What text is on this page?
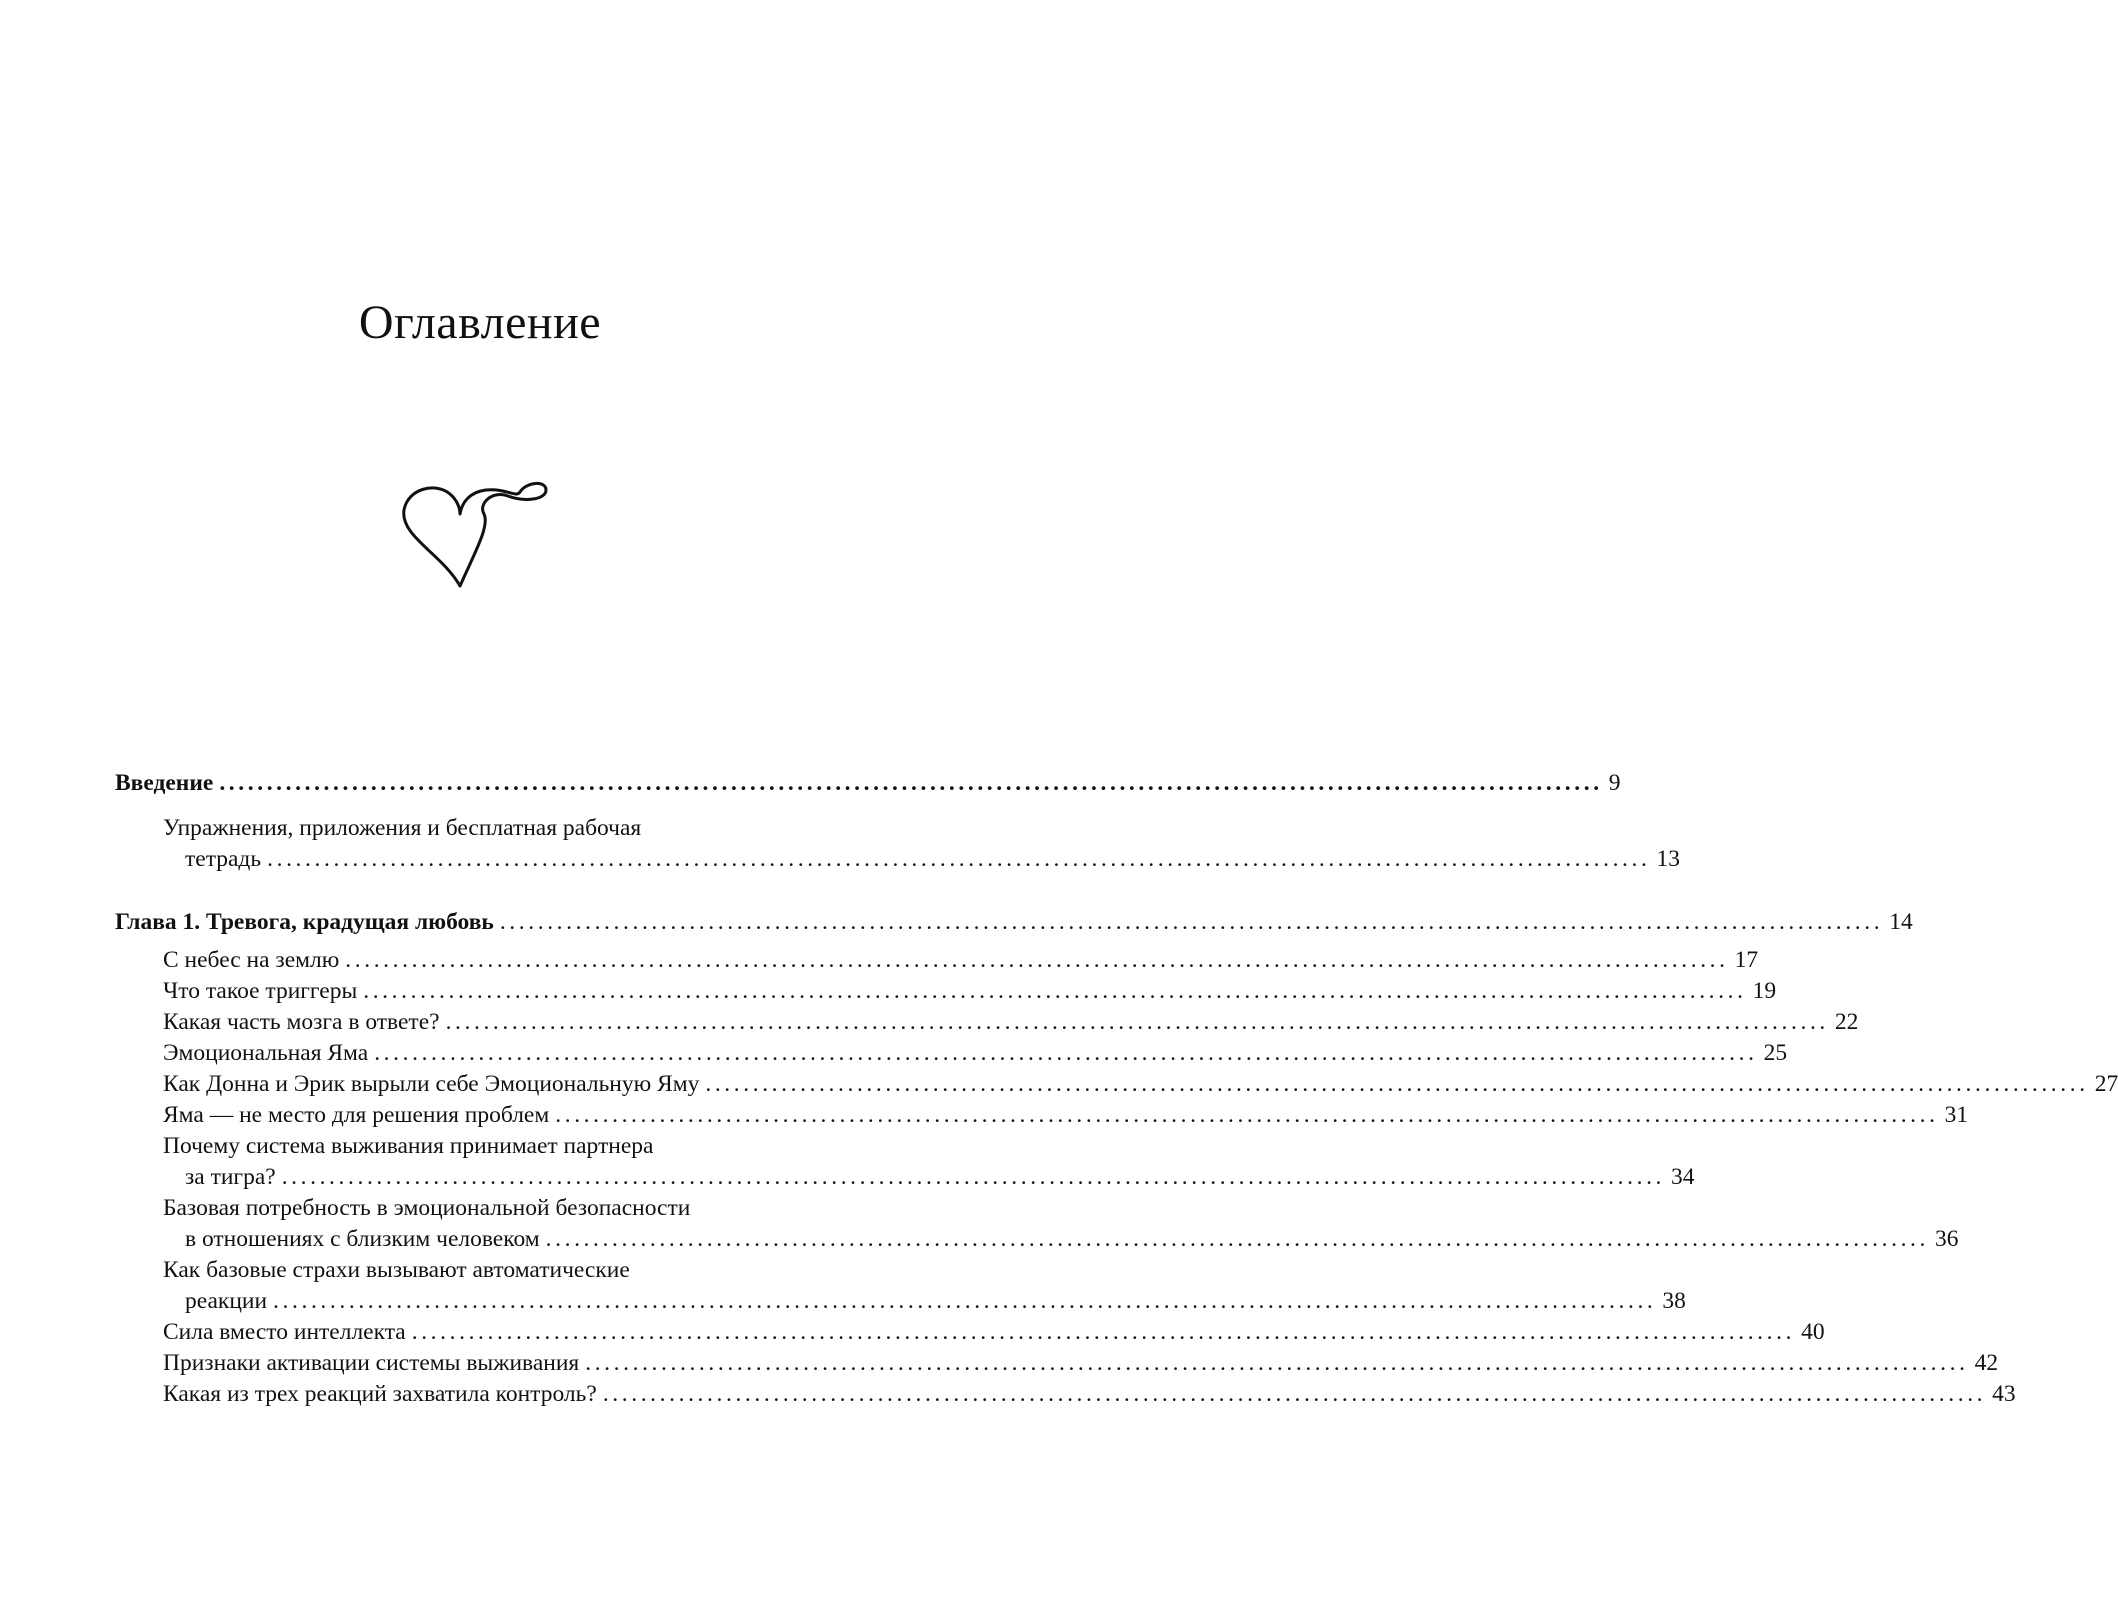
Оглавление
Введение .................................................................................................................................................. 9
Упражнения, приложения и бесплатная рабочая
тетрадь .................................................................................................................................................. 13
Глава 1. Тревога, крадущая любовь .................................................................................................................................................. 14
С небес на землю .................................................................................................................................................. 17
Что такое триггеры .................................................................................................................................................. 19
Какая часть мозга в ответе? .................................................................................................................................................. 22
Эмоциональная Яма .................................................................................................................................................. 25
Как Донна и Эрик вырыли себе Эмоциональную Яму .................................................................................................................................................. 27
Яма — не место для решения проблем .................................................................................................................................................. 31
Почему система выживания принимает партнера
за тигра? .................................................................................................................................................. 34
Базовая потребность в эмоциональной безопасности
в отношениях с близким человеком .................................................................................................................................................. 36
Как базовые страхи вызывают автоматические
реакции .................................................................................................................................................. 38
Сила вместо интеллекта .................................................................................................................................................. 40
Признаки активации системы выживания .................................................................................................................................................. 42
Какая из трех реакций захватила контроль? .................................................................................................................................................. 43
